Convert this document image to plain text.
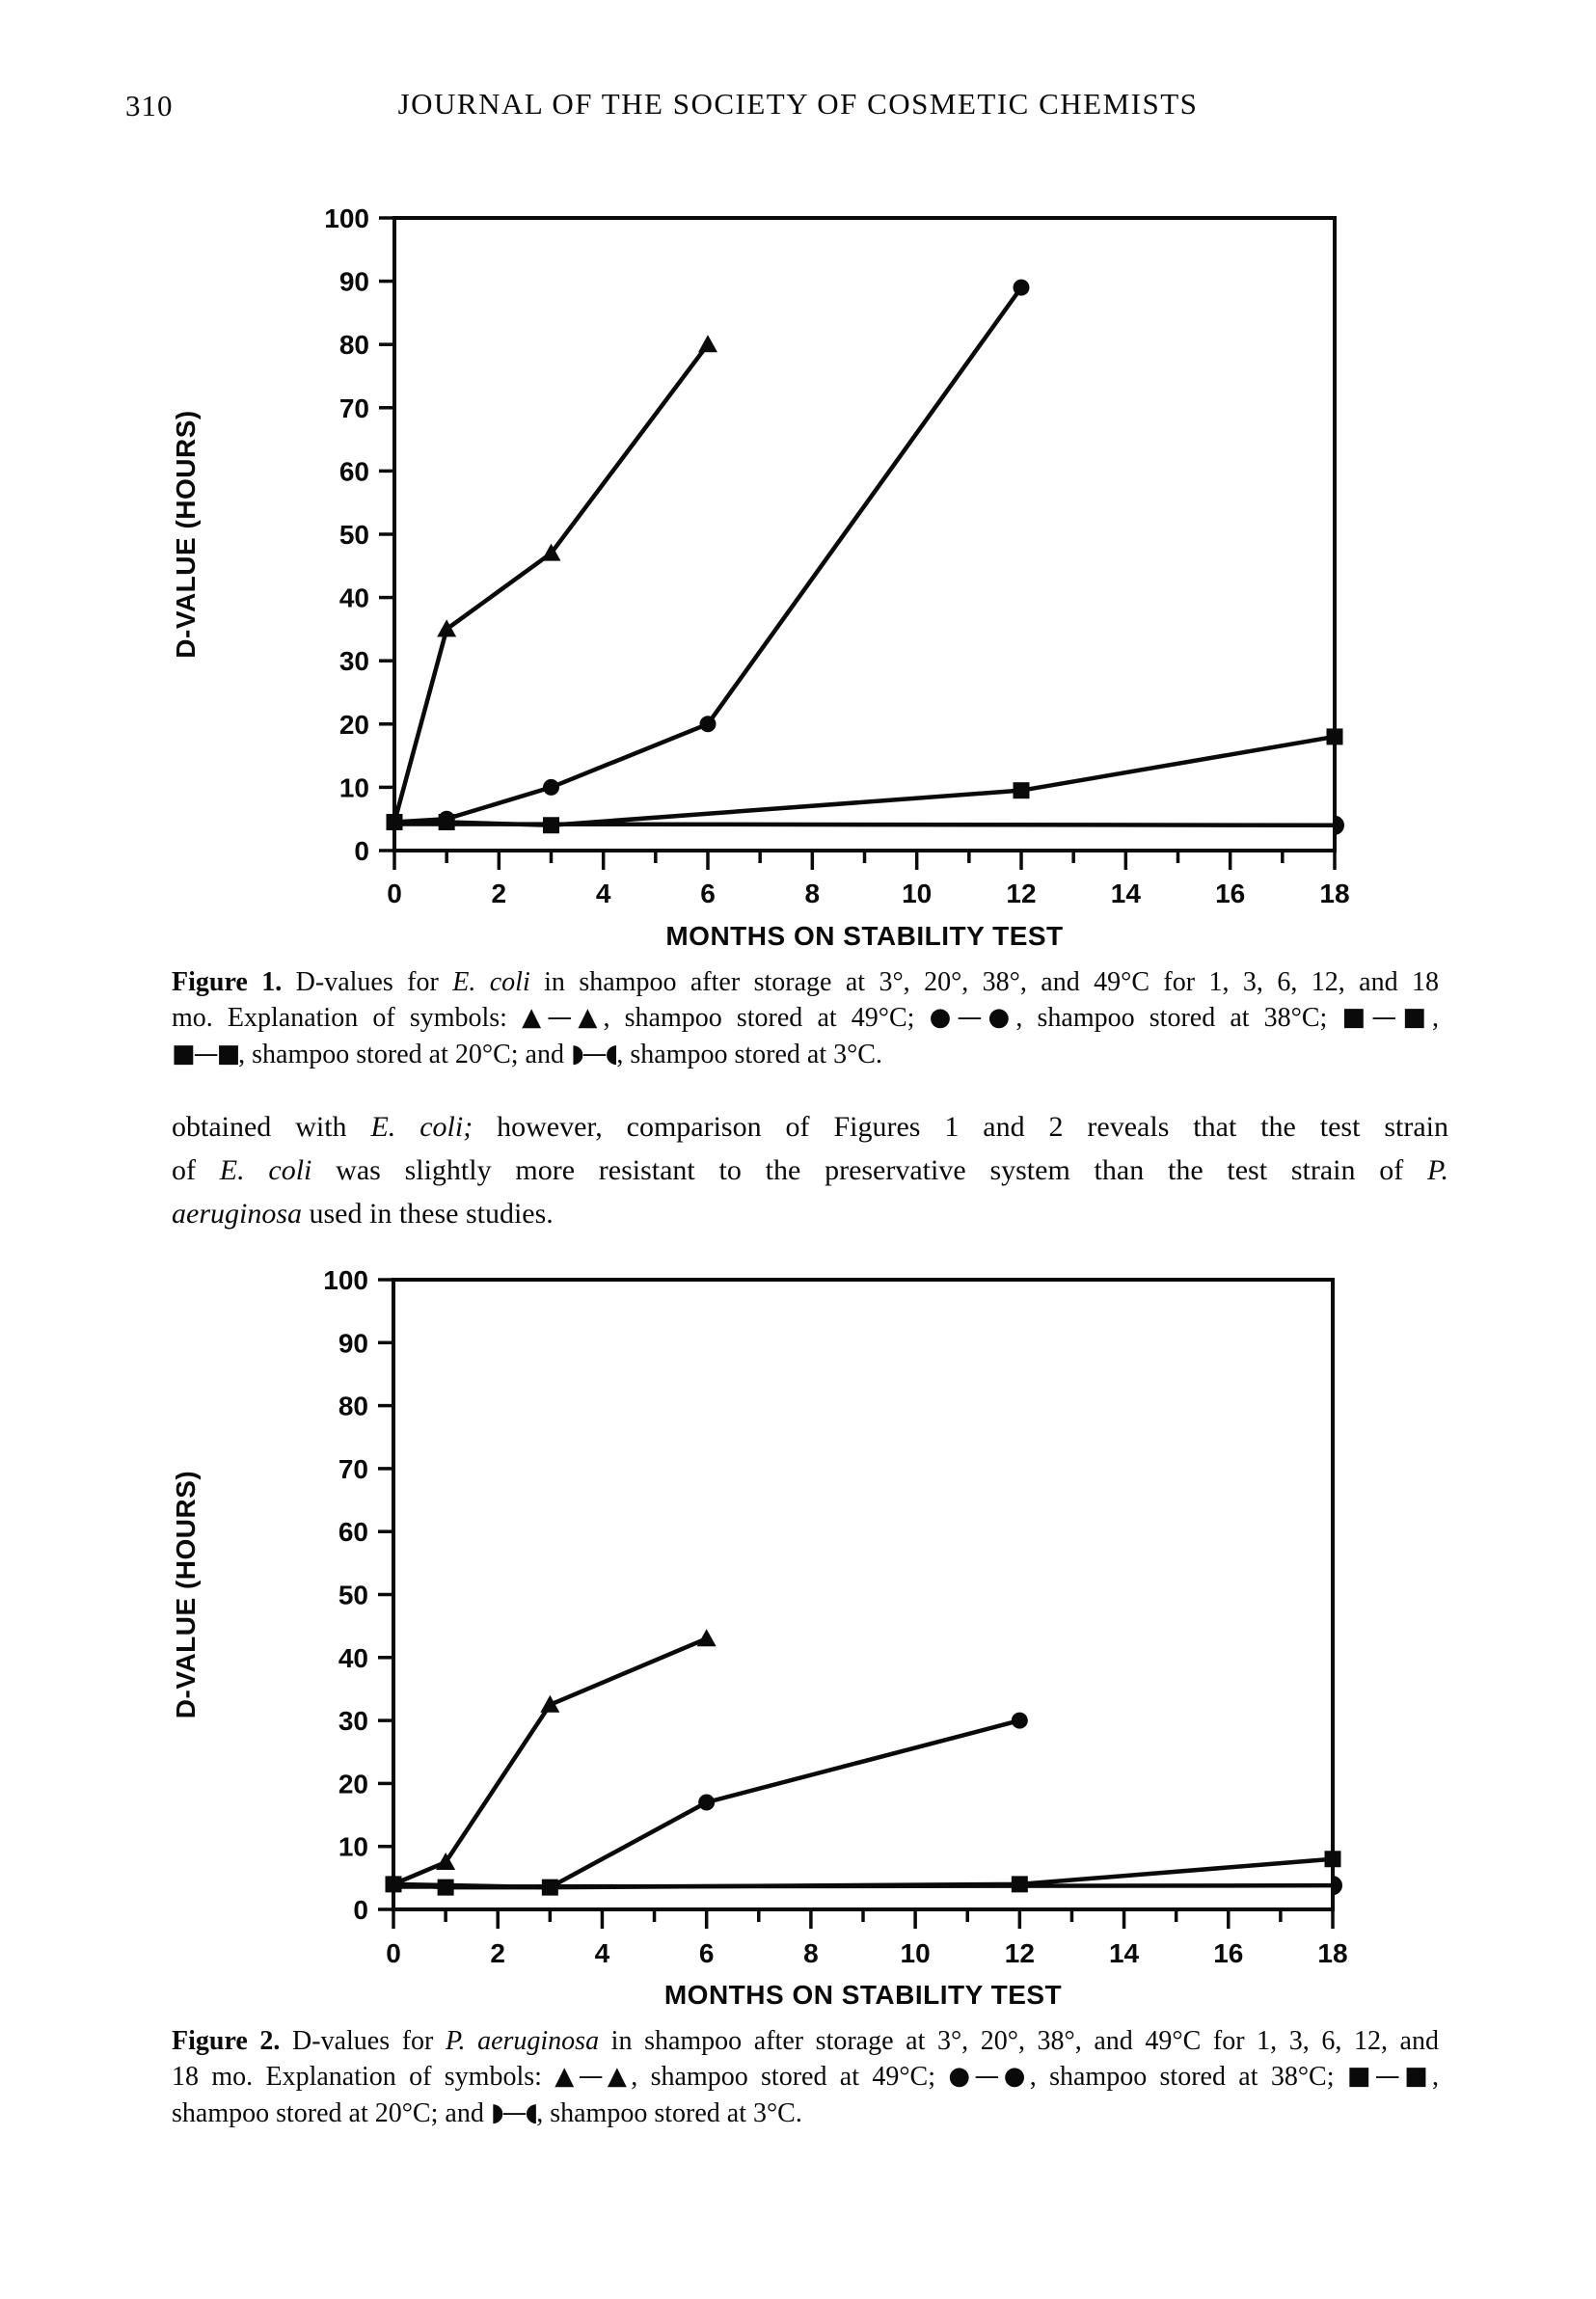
310	JOURNAL OF THE SOCIETY OF COSMETIC CHEMISTS
0
10
20
30
40
50
60
70
80
90
100
0	2	4	6	8	10	12	14	16	18
D-VALUE (HOURS)
MONTHS ON STABILITY TEST
Figure 1. D-values for E. coli in shampoo after storage at 3°, 20°, 38°, and 49°C for 1, 3, 6, 12, and 18
mo. Explanation of symbols: ▲—▲, shampoo stored at 49°C; ●—●, shampoo stored at 38°C; ■—■,
■—■, shampoo stored at 20°C; and ◗—◖, shampoo stored at 3°C.
obtained with E. coli; however, comparison of Figures 1 and 2 reveals that the test strain
of E. coli was slightly more resistant to the preservative system than the test strain of P.
aeruginosa used in these studies.
0
10
20
30
40
50
60
70
80
90
100
0	2	4	6	8	10	12	14	16	18
D-VALUE (HOURS)
MONTHS ON STABILITY TEST
Figure 2. D-values for P. aeruginosa in shampoo after storage at 3°, 20°, 38°, and 49°C for 1, 3, 6, 12, and
18 mo. Explanation of symbols: ▲—▲, shampoo stored at 49°C; ●—●, shampoo stored at 38°C; ■—■,
shampoo stored at 20°C; and ◗—◖, shampoo stored at 3°C.
